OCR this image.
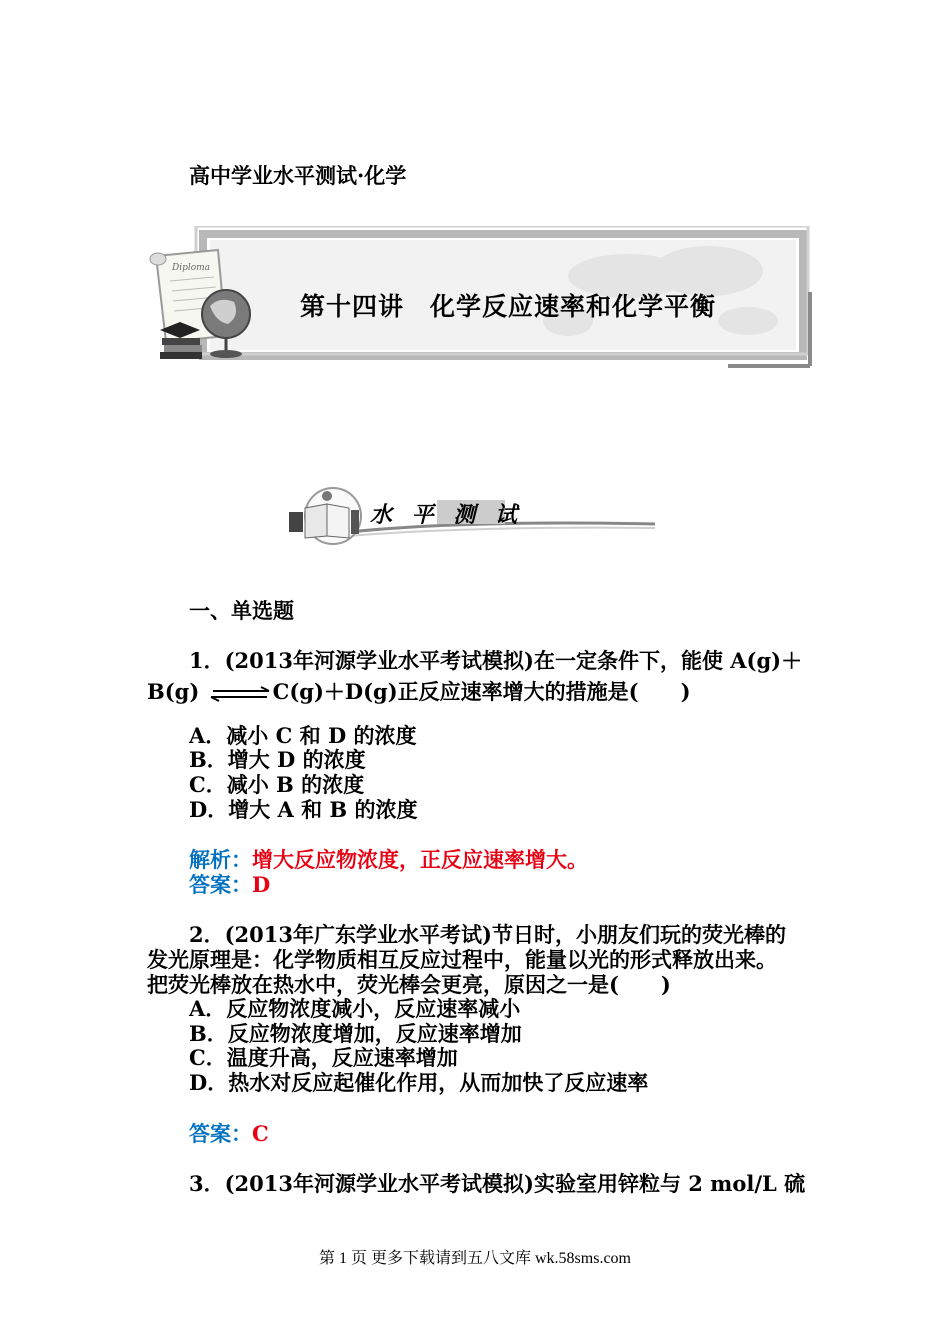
高中学业水平测试·化学
Diploma
第十四讲　化学反应速率和化学平衡
水 平 测 试
一、单选题
1．(2013年河源学业水平考试模拟)在一定条件下，能使 A(g)＋
B(g) ⇌C(g)＋D(g)正反应速率增大的措施是(　　)
A．减小 C 和 D 的浓度
B．增大 D 的浓度
C．减小 B 的浓度
D．增大 A 和 B 的浓度
解析：增大反应物浓度，正反应速率增大。
答案：D
2．(2013年广东学业水平考试)节日时，小朋友们玩的荧光棒的
发光原理是：化学物质相互反应过程中，能量以光的形式释放出来。
把荧光棒放在热水中，荧光棒会更亮，原因之一是(　　)
A．反应物浓度减小，反应速率减小
B．反应物浓度增加，反应速率增加
C．温度升高，反应速率增加
D．热水对反应起催化作用，从而加快了反应速率
答案：C
3．(2013年河源学业水平考试模拟)实验室用锌粒与 2 mol/L 硫
第 1 页 更多下载请到五八文库 wk.58sms.com
